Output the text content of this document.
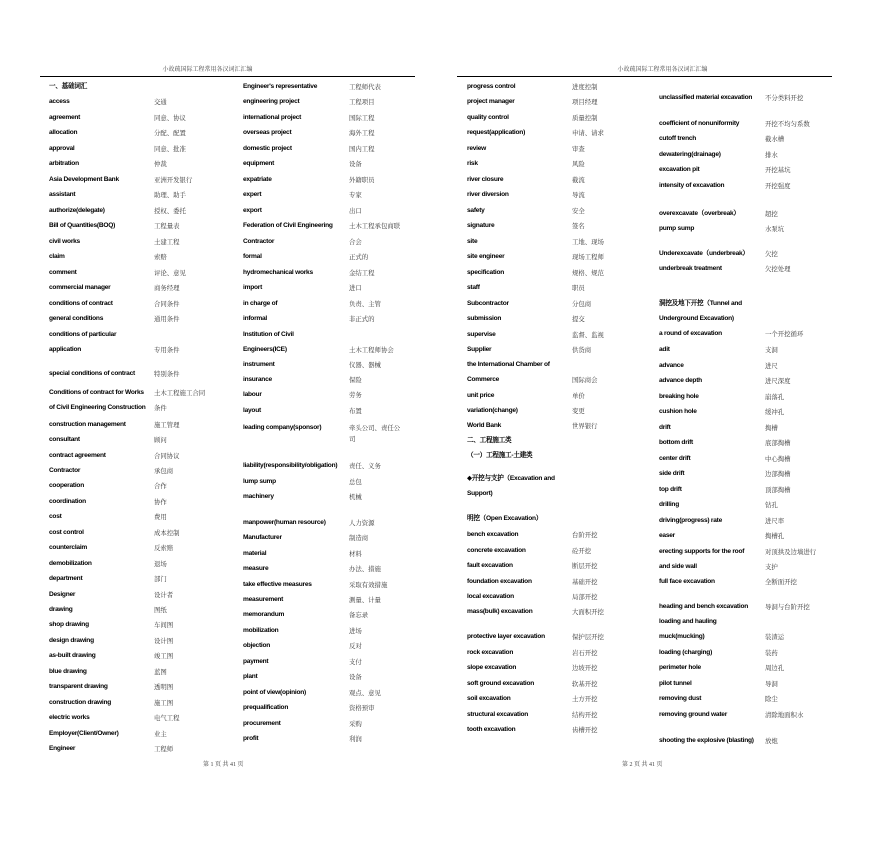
小故疏国际工程常用各汉词汇汇编
一、基础词汇
access	交通
agreement	同意、协议
allocation	分配、配置
approval	同意、批准
arbitration	仲裁
Asia Development Bank	亚洲开发银行
assistant	助理、助手
authorize(delegate)	授权、委托
Bill of Quantities(BOQ)	工程量表
civil works	土建工程
claim	索赔
comment	评论、意见
commercial manager	商务经理
conditions of contract	合同条件
general conditions	通用条件
conditions of particular
application	专用条件
special conditions of contract	特别条件
Conditions of contract for Works 土木工程施工合同
of Civil Engineering Construction 条件
construction management	施工管理
consultant	顾问
contract agreement	合同协议
Contractor	承包商
cooperation	合作
coordination	协作
cost	费用
cost control	成本控制
counterclaim	反索赔
demobilization	退场
department	部门
Designer	设计者
drawing	图纸
shop drawing	车间图
design drawing	设计图
as-built drawing	竣工图
blue drawing	蓝图
transparent drawing	透明图
construction drawing	施工图
electric works	电气工程
Employer(Client/Owner)	业主
Engineer	工程师
Engineer's representative	工程师代表
engineering project	工程项目
international project	国际工程
overseas project	海外工程
domestic project	国内工程
equipment	设备
expatriate	外籍职员
expert	专家
export	出口
Federation of Civil Engineering	土木工程承包商联
Contractor	合会
formal	正式的
hydromechanical works	金结工程
import	进口
in charge of	负责、主管
informal	非正式的
Institution of Civil
Engineers(ICE)	土木工程师协会
instrument	仪器、器械
insurance	保险
labour	劳务
layout	布置
leading company(sponsor)	牵头公司、责任公
司
liability(responsibility/obligation) 责任、义务
lump sump	总包
machinery	机械
manpower(human resource)	人力资源
Manufacturer	制造商
material	材料
measure	办法、措施
take effective measures	采取有效措施
measurement	测量、计量
memorandum	备忘录
mobilization	进场
objection	反对
payment	支付
plant	设备
point of view(opinion)	观点、意见
prequalification	资格预审
procurement	采购
profit	利润
第 1 页 共 41 页
小故疏国际工程常用各汉词汇汇编
progress control	进度控制
project manager	项目经理
quality control	质量控制
request(application)	申请、请求
review	审查
risk	风险
river closure	截流
river diversion	导流
safety	安全
signature	签名
site	工地、现场
site engineer	现场工程师
specification	规格、规范
staff	职员
Subcontractor	分包商
submission	提交
supervise	监督、监视
Supplier	供货商
the International Chamber of
Commerce	国际商会
unit price	单价
variation(change)	变更
World Bank	世界银行
二、工程施工类
（一）工程施工-土建类
◆开挖与支护（Excavation and
Support)
明挖（Open Excavation）
bench excavation	台阶开挖
concrete excavation	砼开挖
fault excavation	断层开挖
foundation excavation	基础开挖
local excavation	局部开挖
mass(bulk) excavation	大面积开挖
protective layer excavation	保护层开挖
rock excavation	岩石开挖
slope excavation	边坡开挖
soft ground excavation	软基开挖
soil excavation	土方开挖
structural excavation	结构开挖
tooth excavation	齿槽开挖
unclassified material excavation 不分类料开挖
coefficient of nonuniformity	开挖不均匀系数
cutoff trench	截水槽
dewatering(drainage)	排水
excavation pit	开挖基坑
intensity of excavation	开挖强度
overexcavate（overbreak）	超挖
pump sump	水泵坑
Underexcavate（underbreak）	欠挖
underbreak treatment	欠挖处理
洞挖及地下开挖（Tunnel and
Underground Excavation)
a round of excavation	一个开挖循环
adit	支洞
advance	进尺
advance depth	进尺深度
breaking hole	崩落孔
cushion hole	缓冲孔
drift	掏槽
bottom drift	底部掏槽
center drift	中心掏槽
side drift	边部掏槽
top drift	顶部掏槽
drilling	钻孔
driving(progress) rate	进尺率
easer	掏槽孔
erecting supports for the roof	对顶拱及边墙进行
and side wall	支护
full face excavation	全断面开挖
heading and bench excavation	导洞与台阶开挖
loading and hauling
muck(mucking)	装渣运
loading (charging)	装药
perimeter hole	周边孔
pilot tunnel	导洞
removing dust	除尘
removing ground water	清除地面积水
shooting the explosive (blasting) 放炮
第 2 页 共 41 页
